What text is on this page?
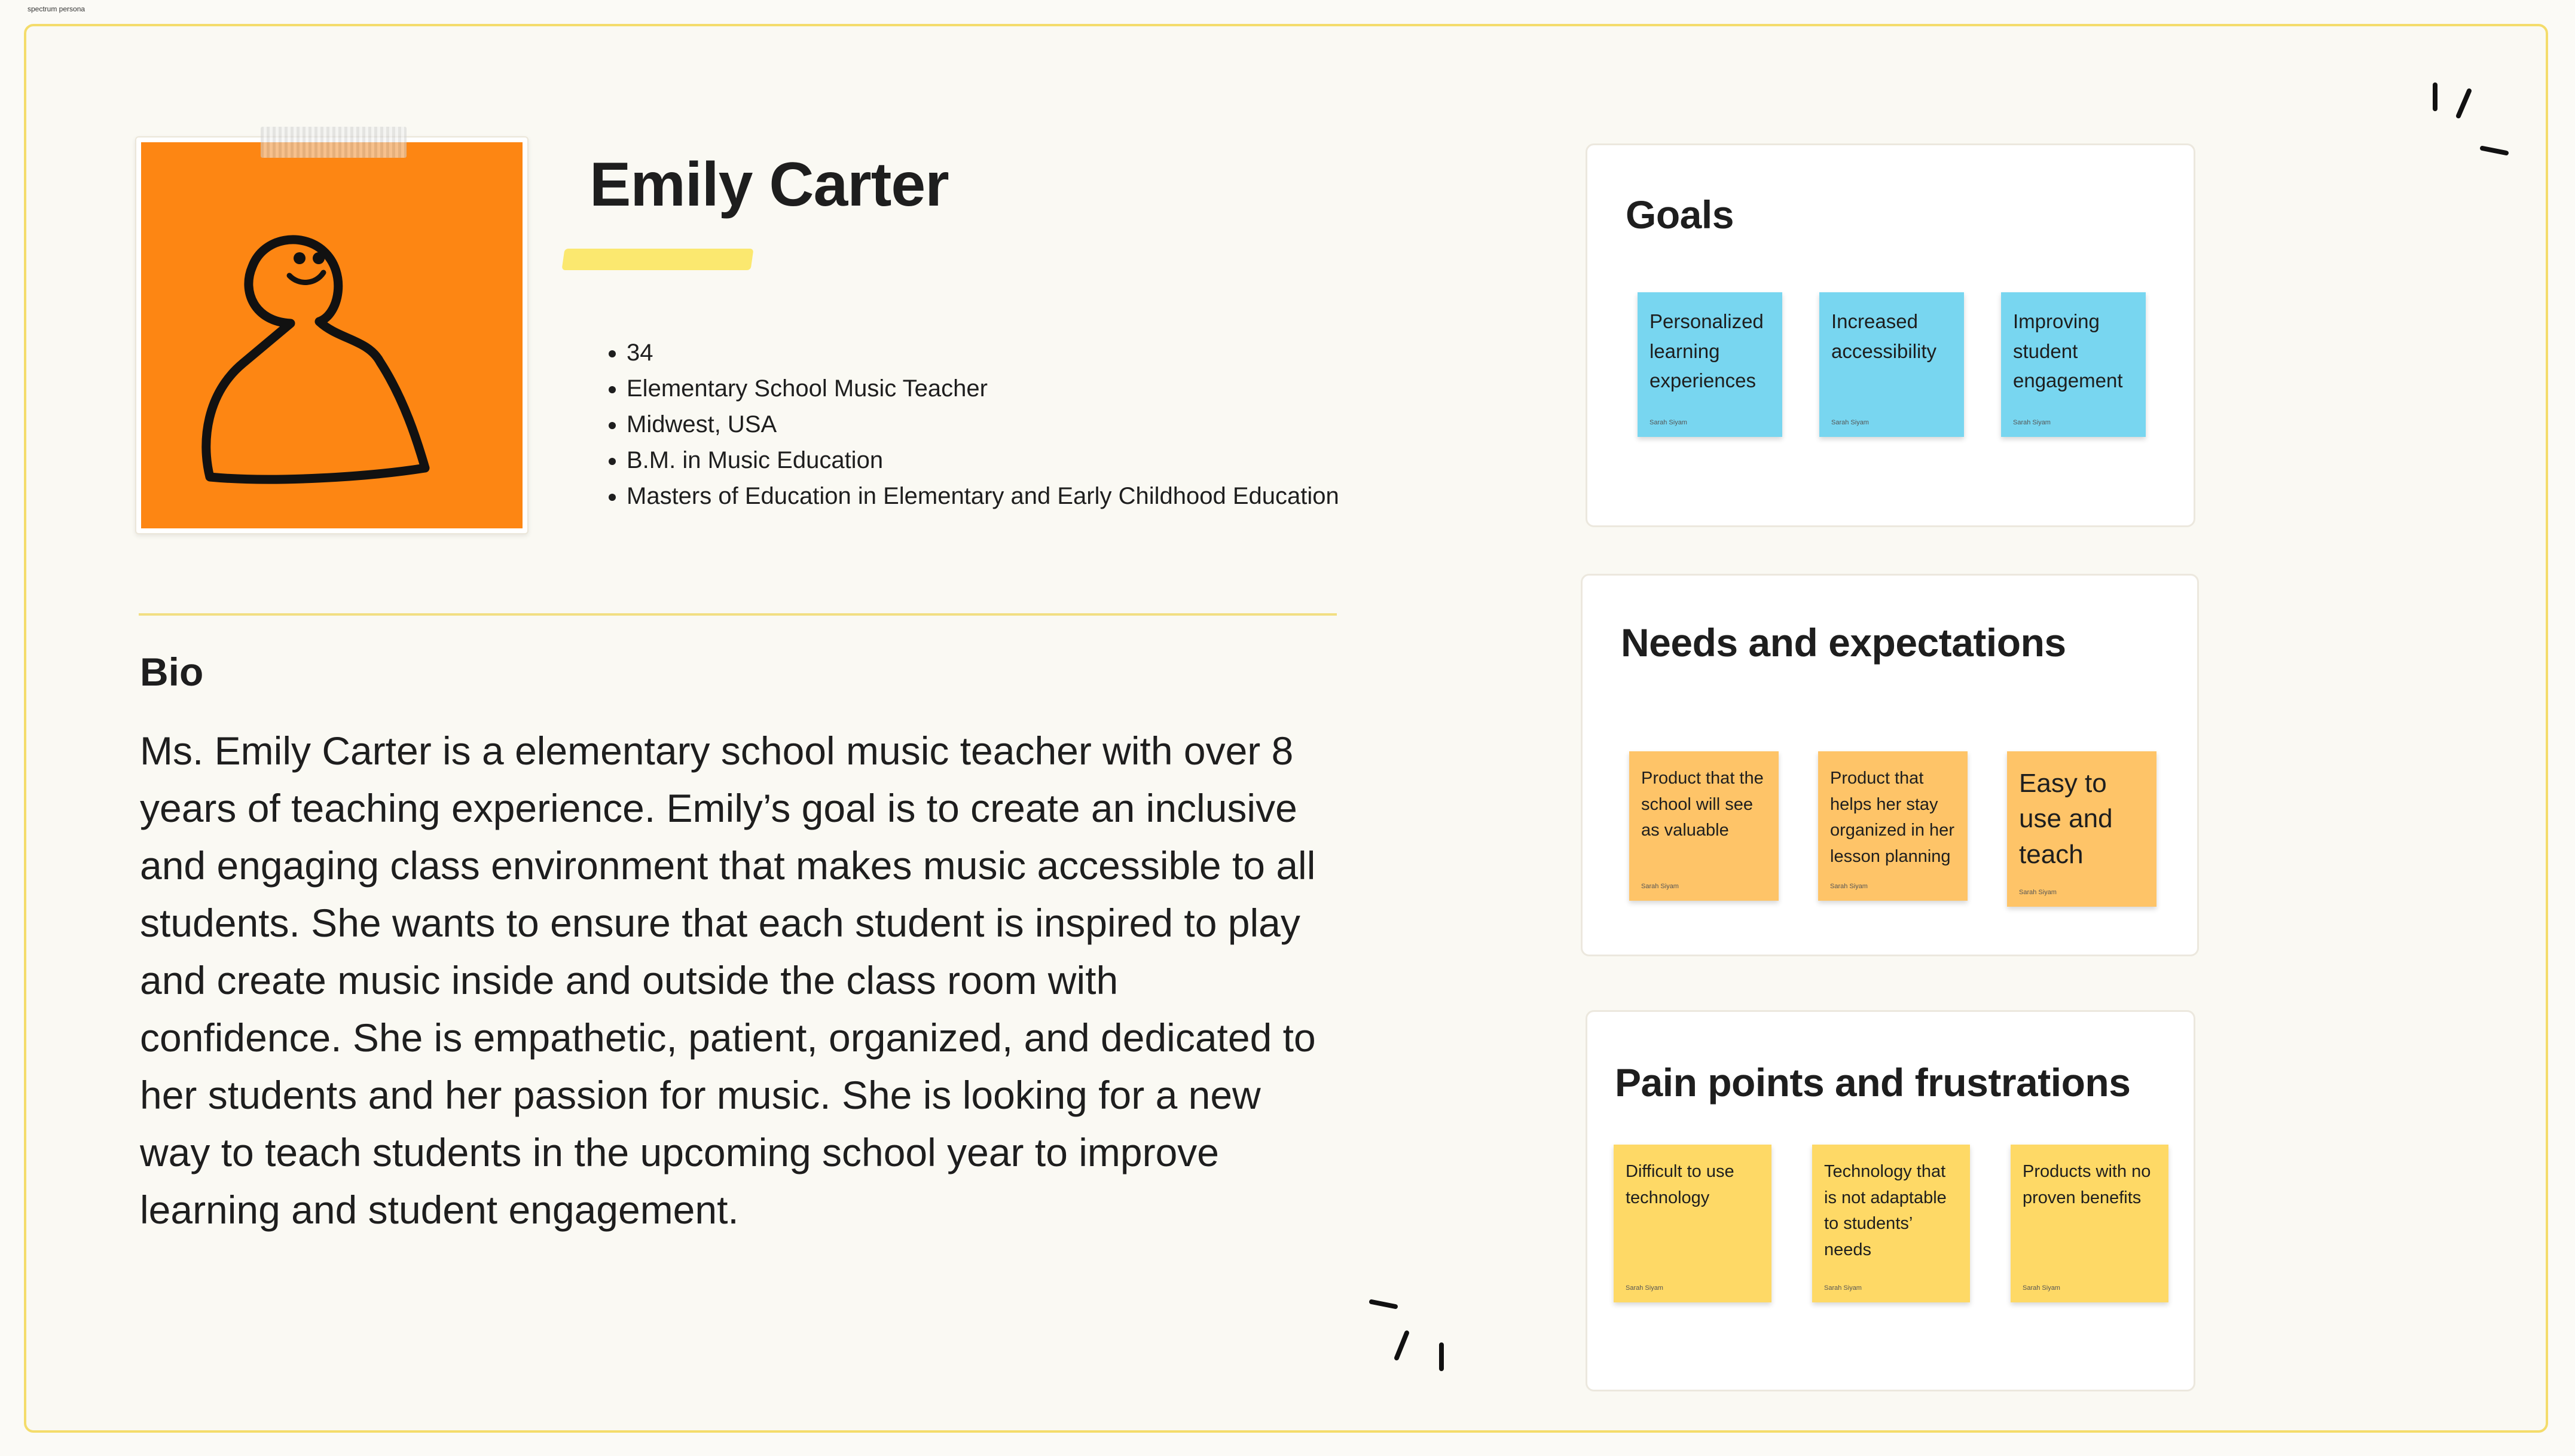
spectrum persona
Emily Carter
• 34
• Elementary School Music Teacher
• Midwest, USA
• B.M. in Music Education
• Masters of Education in Elementary and Early Childhood Education
Bio

Ms. Emily Carter is a elementary school music teacher with over 8 years of teaching experience. Emily’s goal is to create an inclusive and engaging class environment that makes music accessible to all students. She wants to ensure that each student is inspired to play and create music inside and outside the class room with confidence. She is empathetic, patient, organized, and dedicated to her students and her passion for music. She is looking for a new way to teach students in the upcoming school year to improve learning and student engagement.

Goals
Personalized learning experiences
Sarah Siyam
Increased accessibility
Sarah Siyam
Improving student engagement
Sarah Siyam
Needs and expectations
Product that the school will see as valuable
Sarah Siyam
Product that helps her stay organized in her lesson planning
Sarah Siyam
Easy to use and teach
Sarah Siyam
Pain points and frustrations
Difficult to use technology
Sarah Siyam
Technology that is not adaptable to students’ needs
Sarah Siyam
Products with no proven benefits
Sarah Siyam
